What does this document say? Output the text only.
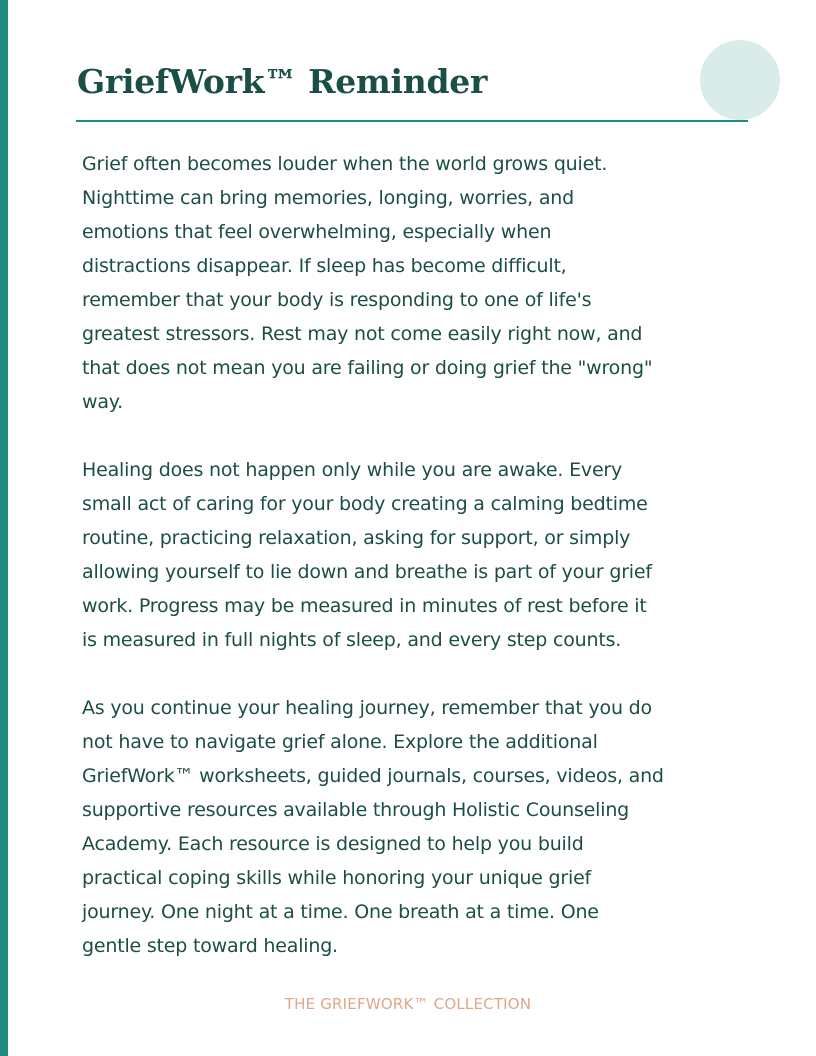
GriefWork™ Reminder

Grief often becomes louder when the world grows quiet.
Nighttime can bring memories, longing, worries, and
emotions that feel overwhelming, especially when
distractions disappear. If sleep has become difficult,
remember that your body is responding to one of life's
greatest stressors. Rest may not come easily right now, and
that does not mean you are failing or doing grief the "wrong"
way.

Healing does not happen only while you are awake. Every
small act of caring for your body creating a calming bedtime
routine, practicing relaxation, asking for support, or simply
allowing yourself to lie down and breathe is part of your grief
work. Progress may be measured in minutes of rest before it
is measured in full nights of sleep, and every step counts.

As you continue your healing journey, remember that you do
not have to navigate grief alone. Explore the additional
GriefWork™ worksheets, guided journals, courses, videos, and
supportive resources available through Holistic Counseling
Academy. Each resource is designed to help you build
practical coping skills while honoring your unique grief
journey. One night at a time. One breath at a time. One
gentle step toward healing.

THE GRIEFWORK™ COLLECTION
